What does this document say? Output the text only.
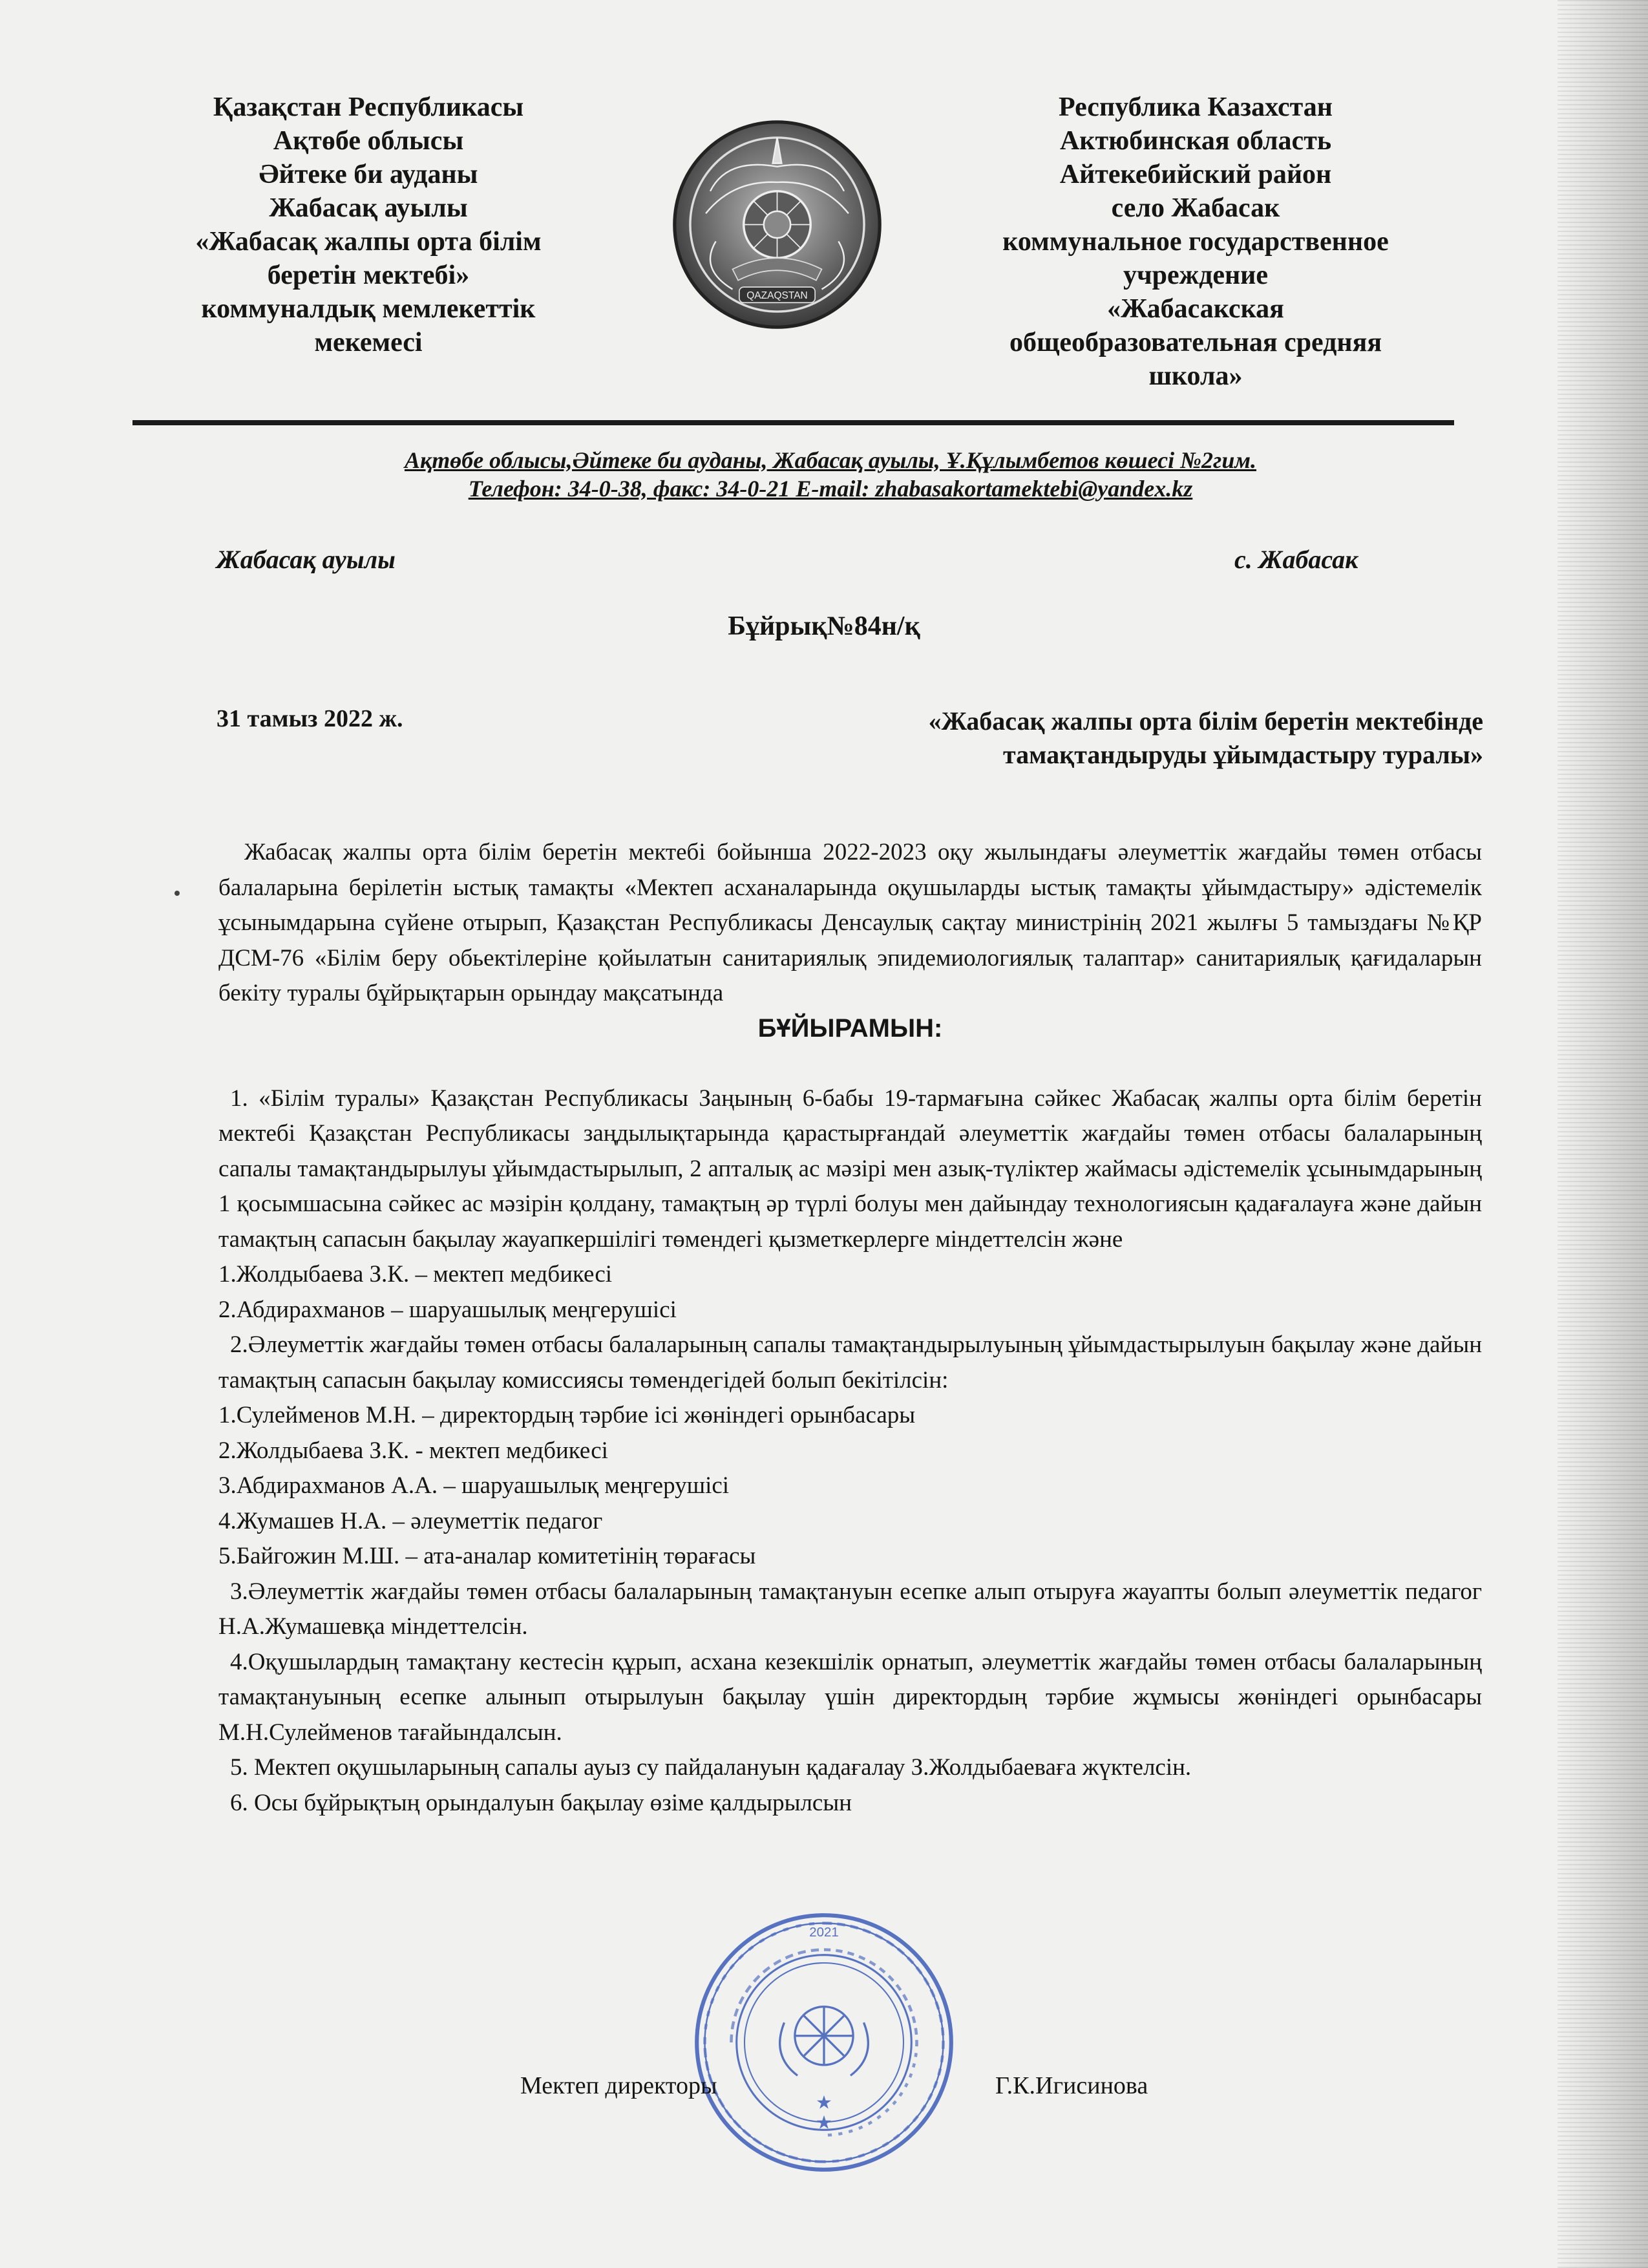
Қазақстан Республикасы
Ақтөбе облысы
Әйтеке би ауданы
Жабасақ ауылы
«Жабасақ жалпы орта білім
беретін мектебі»
коммуналдық мемлекеттік
мекемесі
QAZAQSTAN
Республика Казахстан
Актюбинская область
Айтекебийский район
село Жабасак
коммунальное государственное
учреждение
«Жабасакская
общеобразовательная средняя
школа»
Ақтөбе облысы,Әйтеке би ауданы, Жабасақ ауылы, Ұ.Құлымбетов көшесі №2гим.
Телефон: 34-0-38, факс: 34-0-21 E-mail: zhabasakortamektebi@yandex.kz
Жабасақ ауылы	с. Жабасак
Бұйрық№84н/қ
31 тамыз 2022 ж.	«Жабасақ жалпы орта білім беретін мектебінде
тамақтандыруды ұйымдастыру туралы»

Жабасақ жалпы орта білім беретін мектебі бойынша 2022-2023 оқу жылындағы әлеуметтік жағдайы төмен отбасы балаларына берілетін ыстық тамақты «Мектеп асханаларында оқушыларды ыстық тамақты ұйымдастыру» әдістемелік ұсынымдарына сүйене отырып, Қазақстан Республикасы Денсаулық сақтау министрінің 2021 жылғы 5 тамыздағы №ҚР ДСМ-76 «Білім беру обьектілеріне қойылатын санитариялық эпидемиологиялық талаптар» санитариялық қағидаларын бекіту туралы бұйрықтарын орындау мақсатында

БҰЙЫРАМЫН:

1. «Білім туралы» Қазақстан Республикасы Заңының 6-бабы 19-тармағына сәйкес Жабасақ жалпы орта білім беретін мектебі Қазақстан Республикасы заңдылықтарында қарастырғандай әлеуметтік жағдайы төмен отбасы балаларының сапалы тамақтандырылуы ұйымдастырылып, 2 апталық ас мәзірі мен азық-түліктер жаймасы әдістемелік ұсынымдарының 1 қосымшасына сәйкес ас мәзірін қолдану, тамақтың әр түрлі болуы мен дайындау технологиясын қадағалауға және дайын тамақтың сапасын бақылау жауапкершілігі төмендегі қызметкерлерге міндеттелсін және

1.Жолдыбаева З.К. – мектеп медбикесі

2.Абдирахманов – шаруашылық меңгерушісі

2.Әлеуметтік жағдайы төмен отбасы балаларының сапалы тамақтандырылуының ұйымдастырылуын бақылау және дайын тамақтың сапасын бақылау комиссиясы төмендегідей болып бекітілсін:

1.Сулейменов М.Н. – директордың тәрбие ісі жөніндегі орынбасары

2.Жолдыбаева З.К. - мектеп медбикесі

3.Абдирахманов А.А. – шаруашылық меңгерушісі

4.Жумашев Н.А. – әлеуметтік педагог

5.Байгожин М.Ш. – ата-аналар комитетінің төрағасы

3.Әлеуметтік жағдайы төмен отбасы балаларының тамақтануын есепке алып отыруға жауапты болып әлеуметтік педагог Н.А.Жумашевқа міндеттелсін.

4.Оқушылардың тамақтану кестесін құрып, асхана кезекшілік орнатып, әлеуметтік жағдайы төмен отбасы балаларының тамақтануының есепке алынып отырылуын бақылау үшін директордың тәрбие жұмысы жөніндегі орынбасары М.Н.Сулейменов тағайындалсын.

5. Мектеп оқушыларының сапалы ауыз су пайдалануын қадағалау З.Жолдыбаеваға жүктелсін.

6. Осы бұйрықтың орындалуын бақылау өзіме қалдырылсын

2021
★
★
Мектеп директоры	Г.К.Игисинова
